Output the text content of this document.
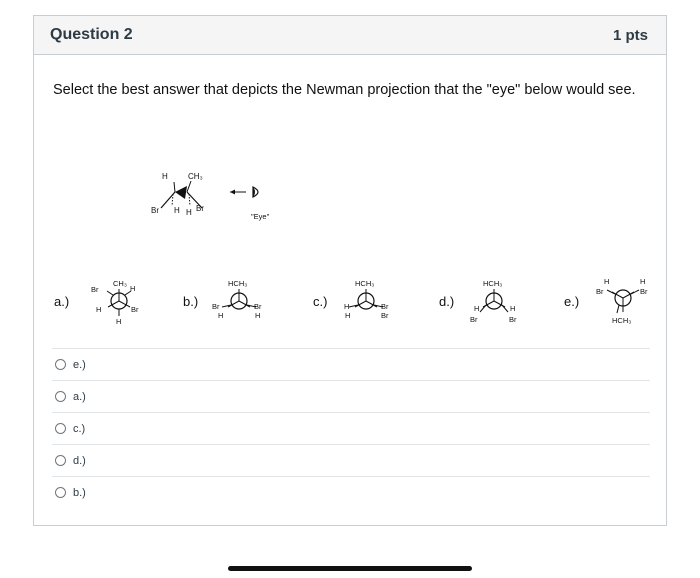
Question 2	1 pts
Select the best answer that depicts the Newman projection that the "eye" below would see.
H	CH₃
Br H H Br
"Eye"
a.)
CH₃
H
Br
H	Br
H
b.)
HCH₃
Br
H
Br
H
c.)
HCH₃
H
H
Br
Br
d.)
HCH₃
H
Br
H
Br
e.)
H	H
Br	Br
HCH₃
e.)
a.)
c.)
d.)
b.)
